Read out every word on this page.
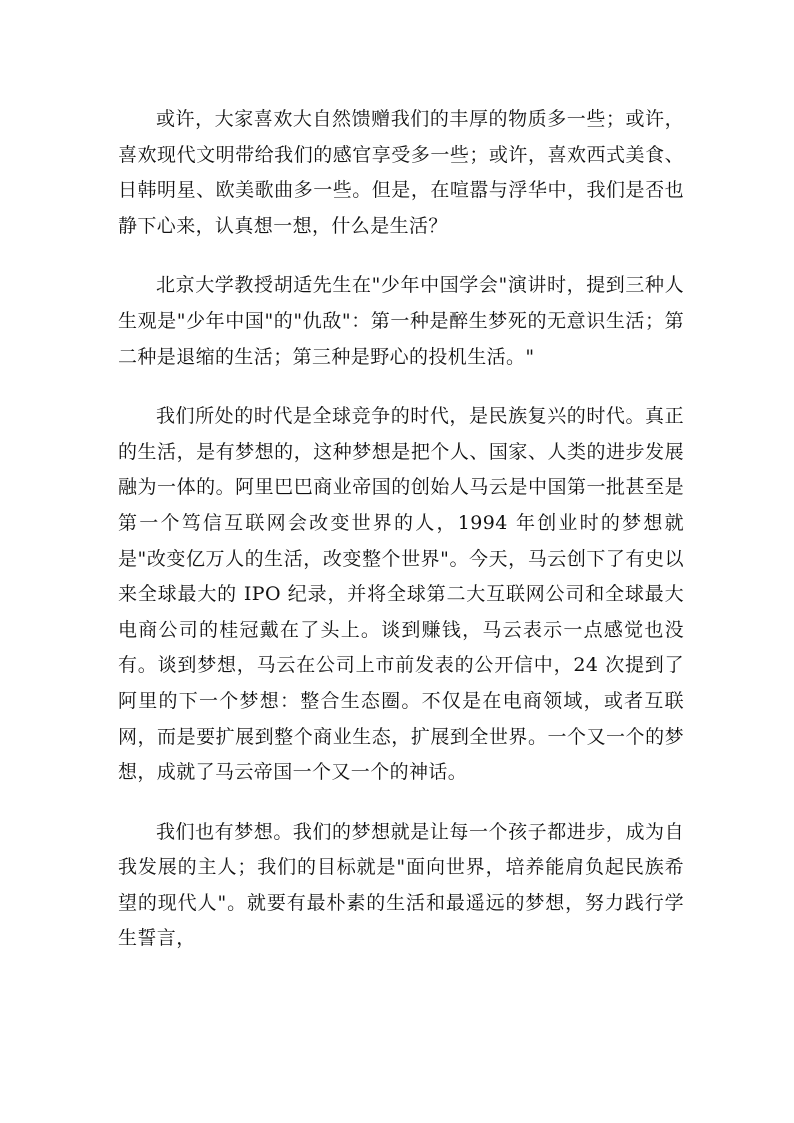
或许，大家喜欢大自然馈赠我们的丰厚的物质多一些；或许，喜欢现代文明带给我们的感官享受多一些；或许，喜欢西式美食、日韩明星、欧美歌曲多一些。但是，在喧嚣与浮华中，我们是否也静下心来，认真想一想，什么是生活？

北京大学教授胡适先生在"少年中国学会"演讲时，提到三种人生观是"少年中国"的"仇敌"：第一种是醉生梦死的无意识生活；第二种是退缩的生活；第三种是野心的投机生活。"

我们所处的时代是全球竞争的时代，是民族复兴的时代。真正的生活，是有梦想的，这种梦想是把个人、国家、人类的进步发展融为一体的。阿里巴巴商业帝国的创始人马云是中国第一批甚至是第一个笃信互联网会改变世界的人，1994 年创业时的梦想就是"改变亿万人的生活，改变整个世界"。今天，马云创下了有史以来全球最大的 IPO 纪录，并将全球第二大互联网公司和全球最大电商公司的桂冠戴在了头上。谈到赚钱，马云表示一点感觉也没有。谈到梦想，马云在公司上市前发表的公开信中，24 次提到了阿里的下一个梦想：整合生态圈。不仅是在电商领域，或者互联网，而是要扩展到整个商业生态，扩展到全世界。一个又一个的梦想，成就了马云帝国一个又一个的神话。

我们也有梦想。我们的梦想就是让每一个孩子都进步，成为自我发展的主人；我们的目标就是"面向世界，培养能肩负起民族希望的现代人"。就要有最朴素的生活和最遥远的梦想，努力践行学生誓言，
